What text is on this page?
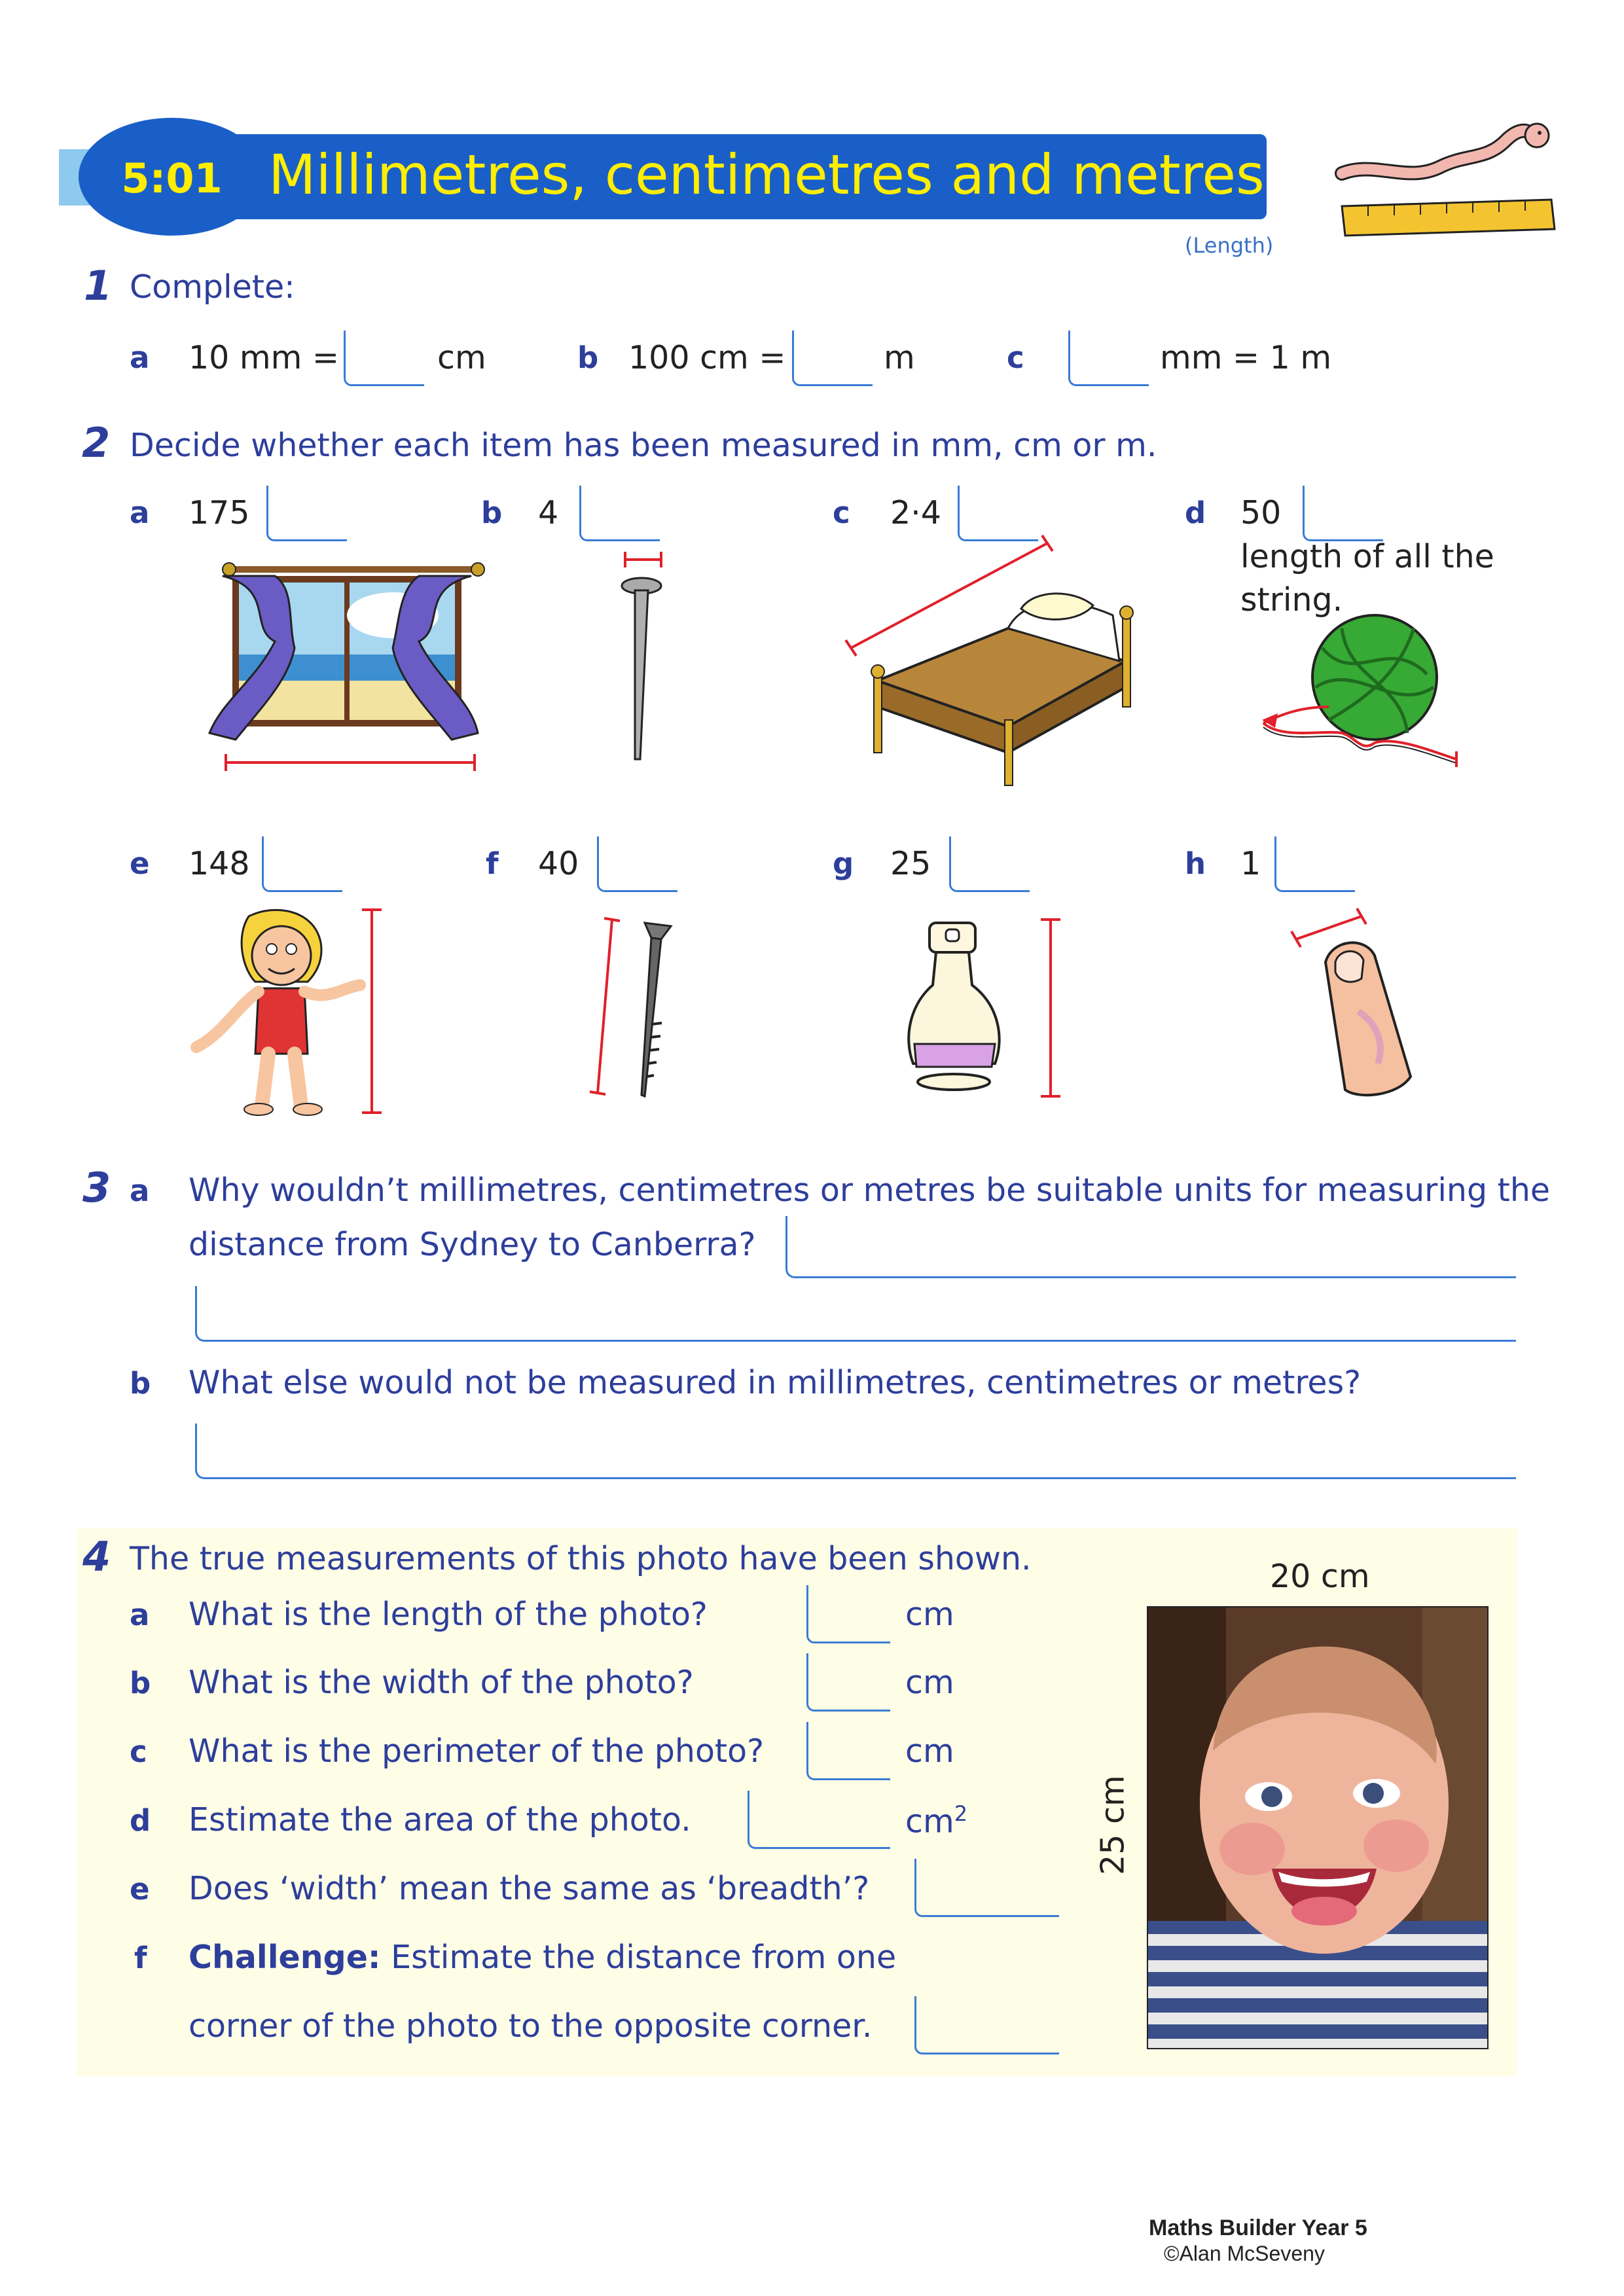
5:01 Millimetres, centimetres and metres
(Length)
1 Complete:
a 10 mm =	cm	b 100 cm =	m	c	mm = 1 m
2 Decide whether each item has been measured in mm, cm or m.
a 175	b 4	c 2·4	d 50
length of all the
string.
e 148	f 40	g 25	h 1
3 a Why wouldn’t millimetres, centimetres or metres be suitable units for measuring the
distance from Sydney to Canberra?
b What else would not be measured in millimetres, centimetres or metres?
4 The true measurements of this photo have been shown.
a What is the length of the photo?	cm
b What is the width of the photo?	cm
c What is the perimeter of the photo?	cm
d Estimate the area of the photo.	$cm^2$
e Does ‘width’ mean the same as ‘breadth’?
f Challenge: Estimate the distance from one
corner of the photo to the opposite corner.
20 cm
25 cm
Maths Builder Year 5
©Alan McSeveny
